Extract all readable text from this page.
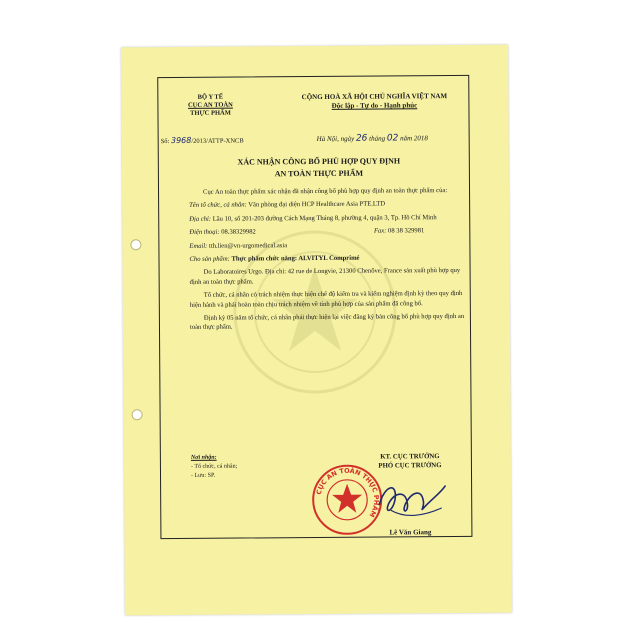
BỘ Y TẾ
CỤC AN TOÀN
THỰC PHẨM
Số: 3968/2013/ATTP-XNCB
CỘNG HOÀ XÃ HỘI CHỦ NGHĨA VIỆT NAM
Độc lập - Tự do - Hạnh phúc
Hà Nội, ngày 26 tháng 02 năm 2018
XÁC NHẬN CÔNG BỐ PHÙ HỢP QUY ĐỊNH
AN TOÀN THỰC PHẨM

Cục An toàn thực phẩm xác nhận đã nhận công bố phù hợp quy định an toàn thực phẩm của:

Tên tổ chức, cá nhân: Văn phòng đại diện HCP Healthcare Asia PTE.LTD

Địa chỉ: Lầu 10, số 201-203 đường Cách Mạng Tháng 8, phường 4, quận 3, Tp. Hồ Chí Minh

Điện thoại: 08.38329982	Fax: 08 38 329981

Email: tth.lien@vn-urgomedical.asia

Cho sản phẩm: Thực phẩm chức năng: ALVITYL Comprimé

Do Laboratoires Urgo. Địa chỉ: 42 rue de Longvie, 21300 Chenôve, France sản xuất phù hợp quy định an toàn thực phẩm.

Tổ chức, cá nhân có trách nhiệm thực hiện chế độ kiểm tra và kiểm nghiệm định kỳ theo quy định hiện hành và phải hoàn toàn chịu trách nhiệm về tính phù hợp của sản phẩm đã công bố.

Định kỳ 05 năm tổ chức, cá nhân phải thực hiện lại việc đăng ký bản công bố phù hợp quy định an toàn thực phẩm.

Nơi nhận:
- Tổ chức, cá nhân;
- Lưu: SP.
KT. CỤC TRƯỞNG
PHÓ CỤC TRƯỞNG
CỤC AN TOÀN THỰC PHẨM
Lê Văn Giang
